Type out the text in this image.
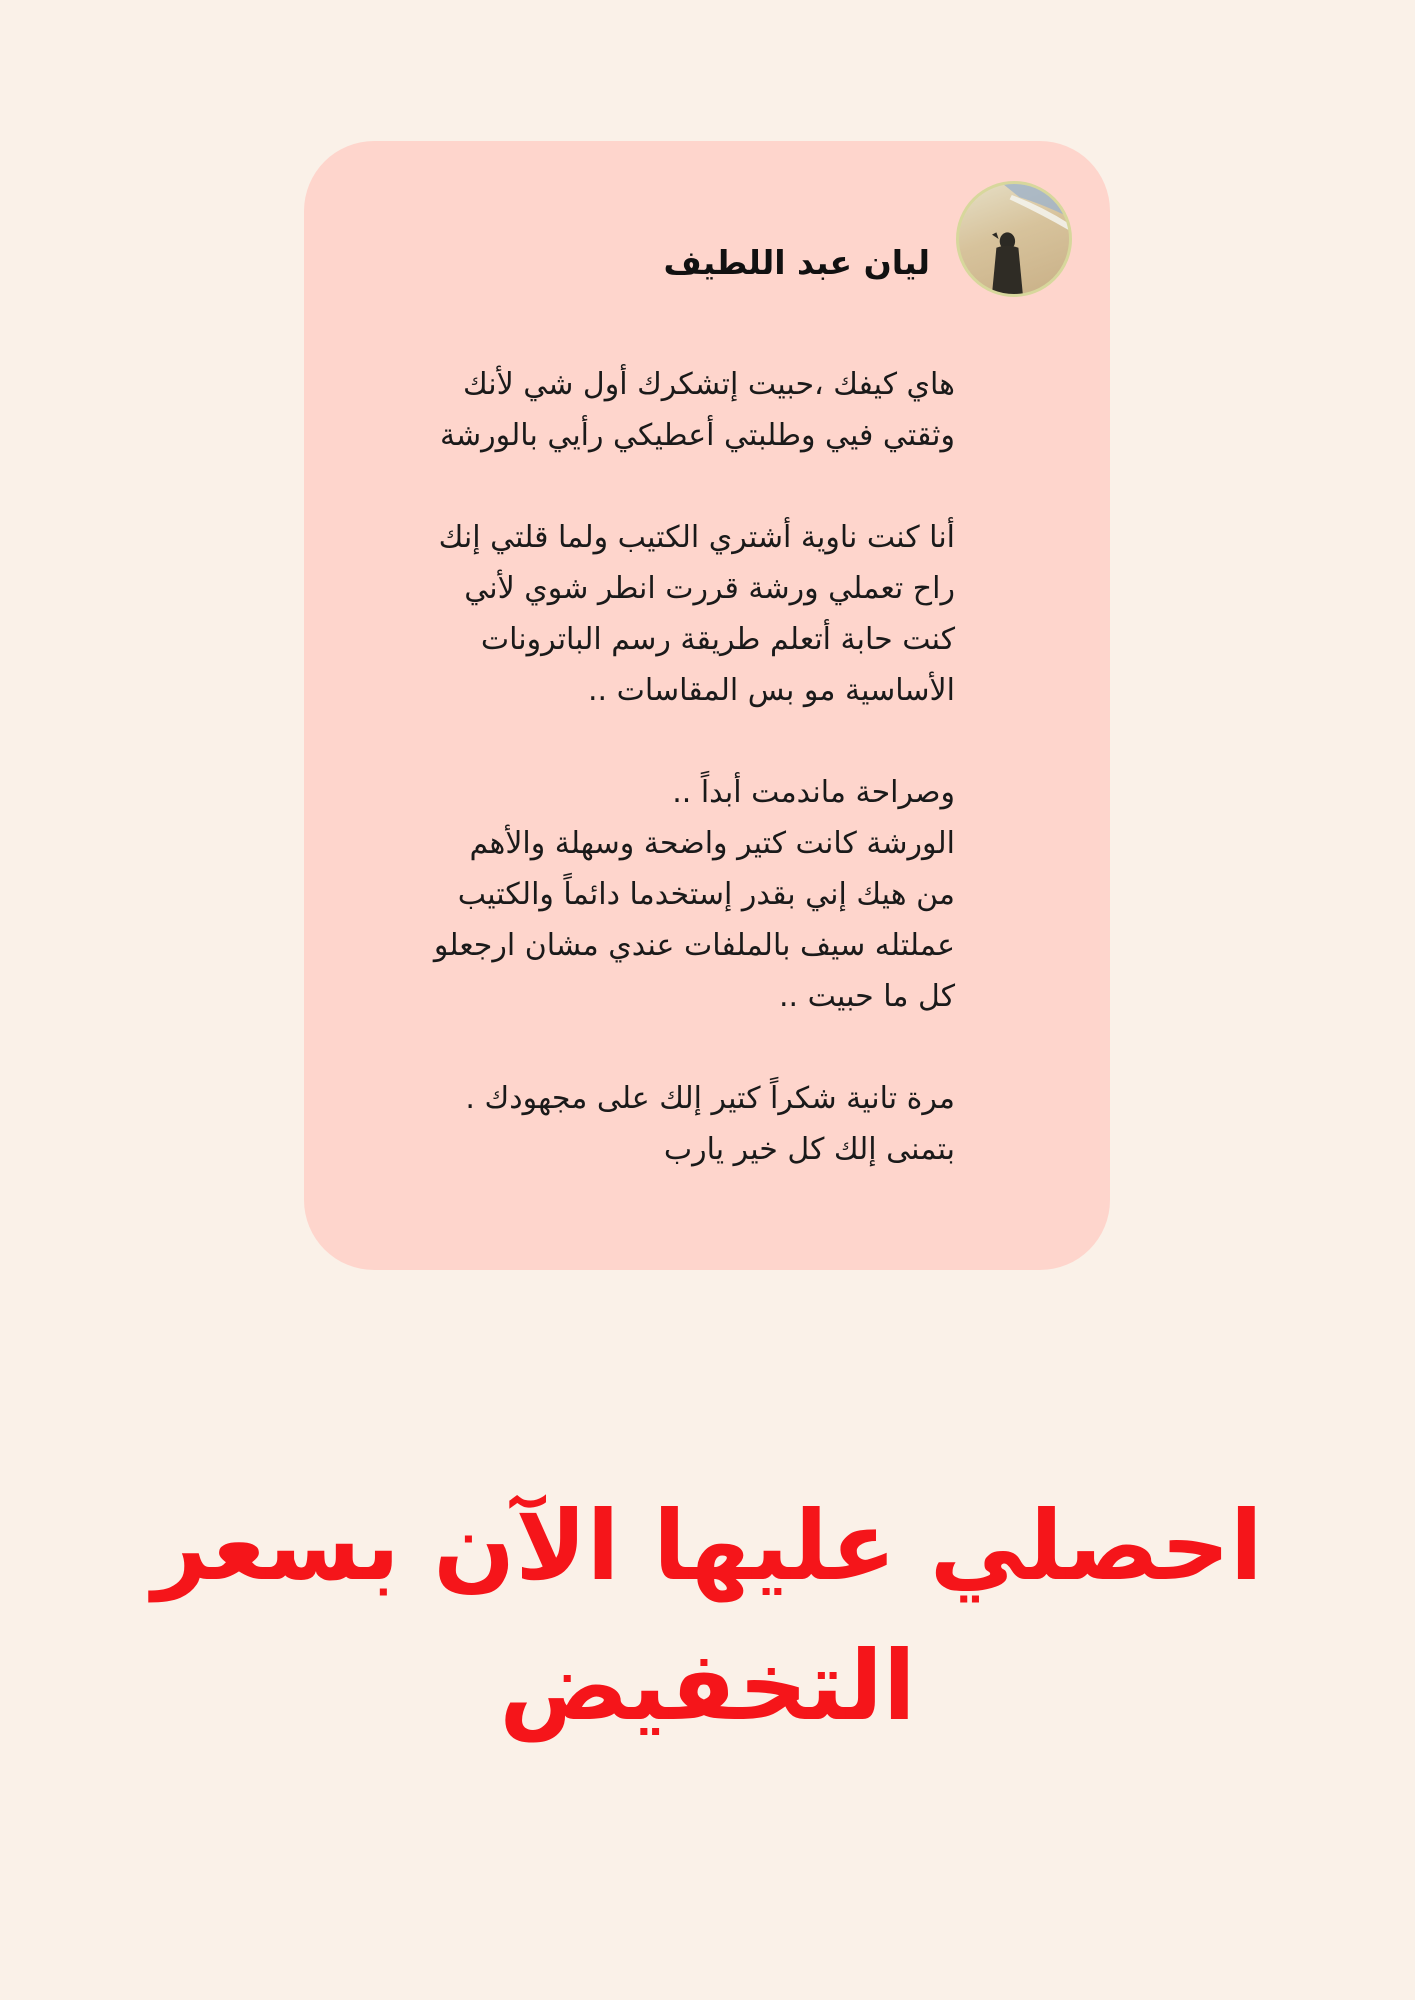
ليان عبد اللطيف

هاي كيفك ،حبيت إتشكرك أول شي لأنك
وثقتي فيي وطلبتي أعطيكي رأيي بالورشة

أنا كنت ناوية أشتري الكتيب ولما قلتي إنك
راح تعملي ورشة قررت انطر شوي لأني
كنت حابة أتعلم طريقة رسم الباترونات
الأساسية مو بس المقاسات ..

وصراحة ماندمت أبداً ..
الورشة كانت كتير واضحة وسهلة والأهم
من هيك إني بقدر إستخدما دائماً والكتيب
عملتله سيف بالملفات عندي مشان ارجعلو
كل ما حبيت ..

مرة تانية شكراً كتير إلك على مجهودك .
بتمنى إلك كل خير يارب

احصلي عليها الآن بسعر التخفيض
